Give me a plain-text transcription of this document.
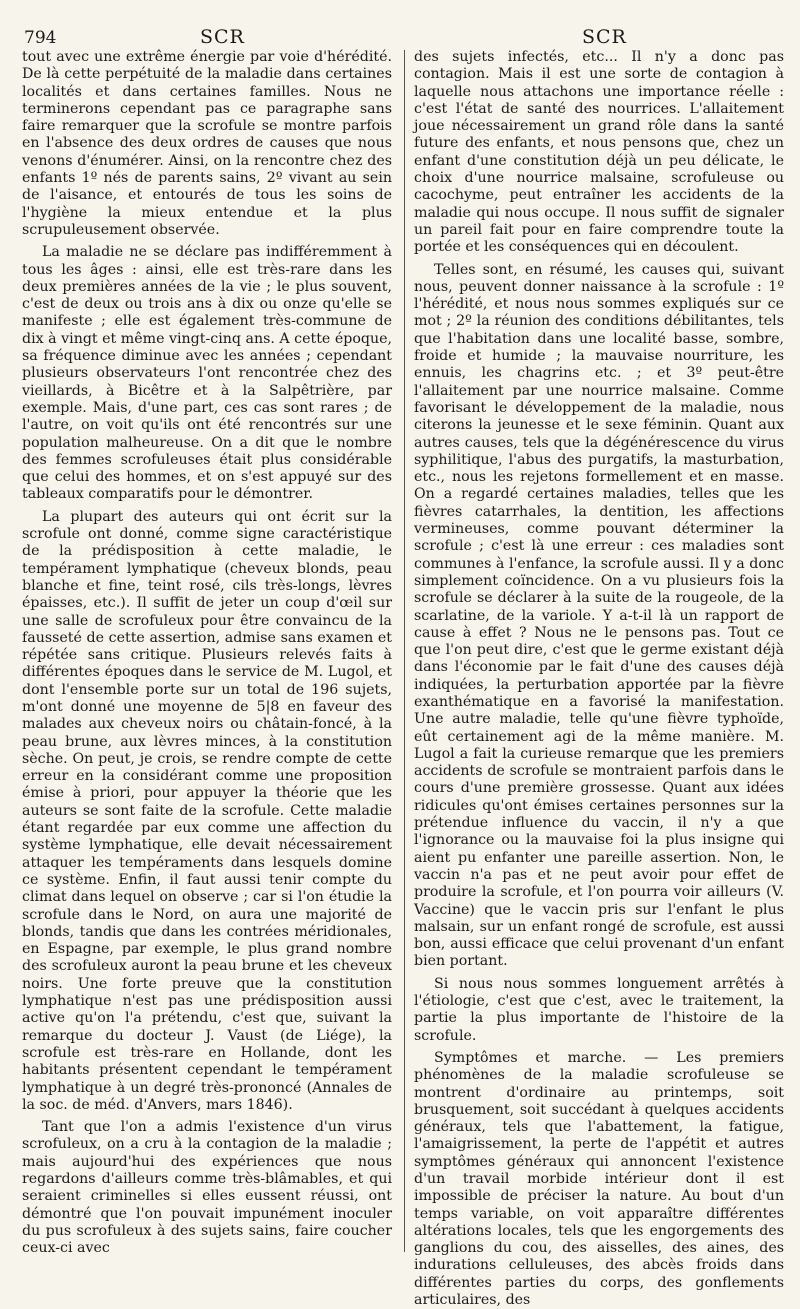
794	SCR	SCR

tout avec une extrême énergie par voie d'hérédité. De là cette perpétuité de la maladie dans certaines localités et dans certaines familles. Nous ne terminerons cependant pas ce paragraphe sans faire remarquer que la scrofule se montre parfois en l'absence des deux ordres de causes que nous venons d'énumérer. Ainsi, on la rencontre chez des enfants 1º nés de parents sains, 2º vivant au sein de l'aisance, et entourés de tous les soins de l'hygiène la mieux entendue et la plus scrupuleusement observée.

La maladie ne se déclare pas indifféremment à tous les âges : ainsi, elle est très-rare dans les deux premières années de la vie ; le plus souvent, c'est de deux ou trois ans à dix ou onze qu'elle se manifeste ; elle est également très-commune de dix à vingt et même vingt-cinq ans. A cette époque, sa fréquence diminue avec les années ; cependant plusieurs observateurs l'ont rencontrée chez des vieillards, à Bicêtre et à la Salpêtrière, par exemple. Mais, d'une part, ces cas sont rares ; de l'autre, on voit qu'ils ont été rencontrés sur une population malheureuse. On a dit que le nombre des femmes scrofuleuses était plus considérable que celui des hommes, et on s'est appuyé sur des tableaux comparatifs pour le démontrer.

La plupart des auteurs qui ont écrit sur la scrofule ont donné, comme signe caractéristique de la prédisposition à cette maladie, le tempérament lymphatique (cheveux blonds, peau blanche et fine, teint rosé, cils très-longs, lèvres épaisses, etc.). Il suffit de jeter un coup d'œil sur une salle de scrofuleux pour être convaincu de la fausseté de cette assertion, admise sans examen et répétée sans critique. Plusieurs relevés faits à différentes époques dans le service de M. Lugol, et dont l'ensemble porte sur un total de 196 sujets, m'ont donné une moyenne de 5|8 en faveur des malades aux cheveux noirs ou châtain-foncé, à la peau brune, aux lèvres minces, à la constitution sèche. On peut, je crois, se rendre compte de cette erreur en la considérant comme une proposition émise à priori, pour appuyer la théorie que les auteurs se sont faite de la scrofule. Cette maladie étant regardée par eux comme une affection du système lymphatique, elle devait nécessairement attaquer les tempéraments dans lesquels domine ce système. Enfin, il faut aussi tenir compte du climat dans lequel on observe ; car si l'on étudie la scrofule dans le Nord, on aura une majorité de blonds, tandis que dans les contrées méridionales, en Espagne, par exemple, le plus grand nombre des scrofuleux auront la peau brune et les cheveux noirs. Une forte preuve que la constitution lymphatique n'est pas une prédisposition aussi active qu'on l'a prétendu, c'est que, suivant la remarque du docteur J. Vaust (de Liége), la scrofule est très-rare en Hollande, dont les habitants présentent cependant le tempérament lymphatique à un degré très-prononcé (Annales de la soc. de méd. d'Anvers, mars 1846).

Tant que l'on a admis l'existence d'un virus scrofuleux, on a cru à la contagion de la maladie ; mais aujourd'hui des expériences que nous regardons d'ailleurs comme très-blâmables, et qui seraient criminelles si elles eussent réussi, ont démontré que l'on pouvait impunément inoculer du pus scrofuleux à des sujets sains, faire coucher ceux-ci avec

des sujets infectés, etc... Il n'y a donc pas contagion. Mais il est une sorte de contagion à laquelle nous attachons une importance réelle : c'est l'état de santé des nourrices. L'allaitement joue nécessairement un grand rôle dans la santé future des enfants, et nous pensons que, chez un enfant d'une constitution déjà un peu délicate, le choix d'une nourrice malsaine, scrofuleuse ou cacochyme, peut entraîner les accidents de la maladie qui nous occupe. Il nous suffit de signaler un pareil fait pour en faire comprendre toute la portée et les conséquences qui en découlent.

Telles sont, en résumé, les causes qui, suivant nous, peuvent donner naissance à la scrofule : 1º l'hérédité, et nous nous sommes expliqués sur ce mot ; 2º la réunion des conditions débilitantes, tels que l'habitation dans une localité basse, sombre, froide et humide ; la mauvaise nourriture, les ennuis, les chagrins etc. ; et 3º peut-être l'allaitement par une nourrice malsaine. Comme favorisant le développement de la maladie, nous citerons la jeunesse et le sexe féminin. Quant aux autres causes, tels que la dégénérescence du virus syphilitique, l'abus des purgatifs, la masturbation, etc., nous les rejetons formellement et en masse. On a regardé certaines maladies, telles que les fièvres catarrhales, la dentition, les affections vermineuses, comme pouvant déterminer la scrofule ; c'est là une erreur : ces maladies sont communes à l'enfance, la scrofule aussi. Il y a donc simplement coïncidence. On a vu plusieurs fois la scrofule se déclarer à la suite de la rougeole, de la scarlatine, de la variole. Y a-t-il là un rapport de cause à effet ? Nous ne le pensons pas. Tout ce que l'on peut dire, c'est que le germe existant déjà dans l'économie par le fait d'une des causes déjà indiquées, la perturbation apportée par la fièvre exanthématique en a favorisé la manifestation. Une autre maladie, telle qu'une fièvre typhoïde, eût certainement agi de la même manière. M. Lugol a fait la curieuse remarque que les premiers accidents de scrofule se montraient parfois dans le cours d'une première grossesse. Quant aux idées ridicules qu'ont émises certaines personnes sur la prétendue influence du vaccin, il n'y a que l'ignorance ou la mauvaise foi la plus insigne qui aient pu enfanter une pareille assertion. Non, le vaccin n'a pas et ne peut avoir pour effet de produire la scrofule, et l'on pourra voir ailleurs (V. Vaccine) que le vaccin pris sur l'enfant le plus malsain, sur un enfant rongé de scrofule, est aussi bon, aussi efficace que celui provenant d'un enfant bien portant.

Si nous nous sommes longuement arrêtés à l'étiologie, c'est que c'est, avec le traitement, la partie la plus importante de l'histoire de la scrofule.

Symptômes et marche. — Les premiers phénomènes de la maladie scrofuleuse se montrent d'ordinaire au printemps, soit brusquement, soit succédant à quelques accidents généraux, tels que l'abattement, la fatigue, l'amaigrissement, la perte de l'appétit et autres symptômes généraux qui annoncent l'existence d'un travail morbide intérieur dont il est impossible de préciser la nature. Au bout d'un temps variable, on voit apparaître différentes altérations locales, tels que les engorgements des ganglions du cou, des aisselles, des aines, des indurations celluleuses, des abcès froids dans différentes parties du corps, des gonflements articulaires, des
